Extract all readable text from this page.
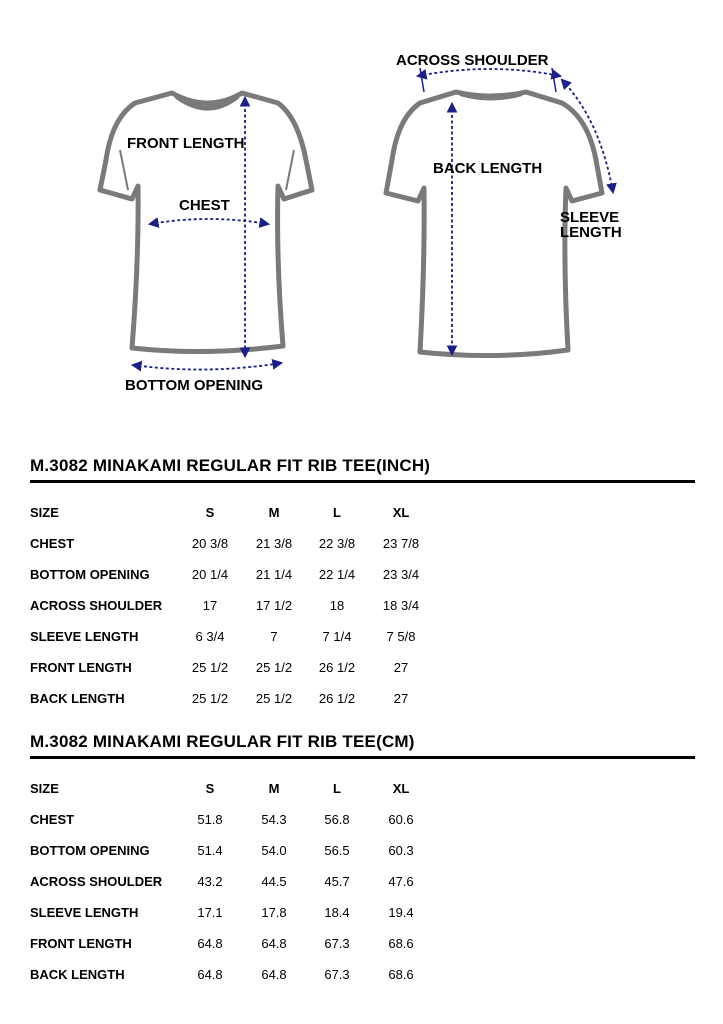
FRONT LENGTH
CHEST
BOTTOM OPENING
ACROSS SHOULDER
BACK LENGTH
SLEEVE
LENGTH
M.3082 MINAKAMI REGULAR FIT RIB TEE(INCH)
SIZE	S	M	L	XL
CHEST	20 3/8	21 3/8	22 3/8	23 7/8
BOTTOM OPENING	20 1/4	21 1/4	22 1/4	23 3/4
ACROSS SHOULDER	17	17 1/2	18	18 3/4
SLEEVE LENGTH	6 3/4	7	7 1/4	7 5/8
FRONT LENGTH	25 1/2	25 1/2	26 1/2	27
BACK LENGTH	25 1/2	25 1/2	26 1/2	27
M.3082 MINAKAMI REGULAR FIT RIB TEE(CM)
SIZE	S	M	L	XL
CHEST	51.8	54.3	56.8	60.6
BOTTOM OPENING	51.4	54.0	56.5	60.3
ACROSS SHOULDER	43.2	44.5	45.7	47.6
SLEEVE LENGTH	17.1	17.8	18.4	19.4
FRONT LENGTH	64.8	64.8	67.3	68.6
BACK LENGTH	64.8	64.8	67.3	68.6
